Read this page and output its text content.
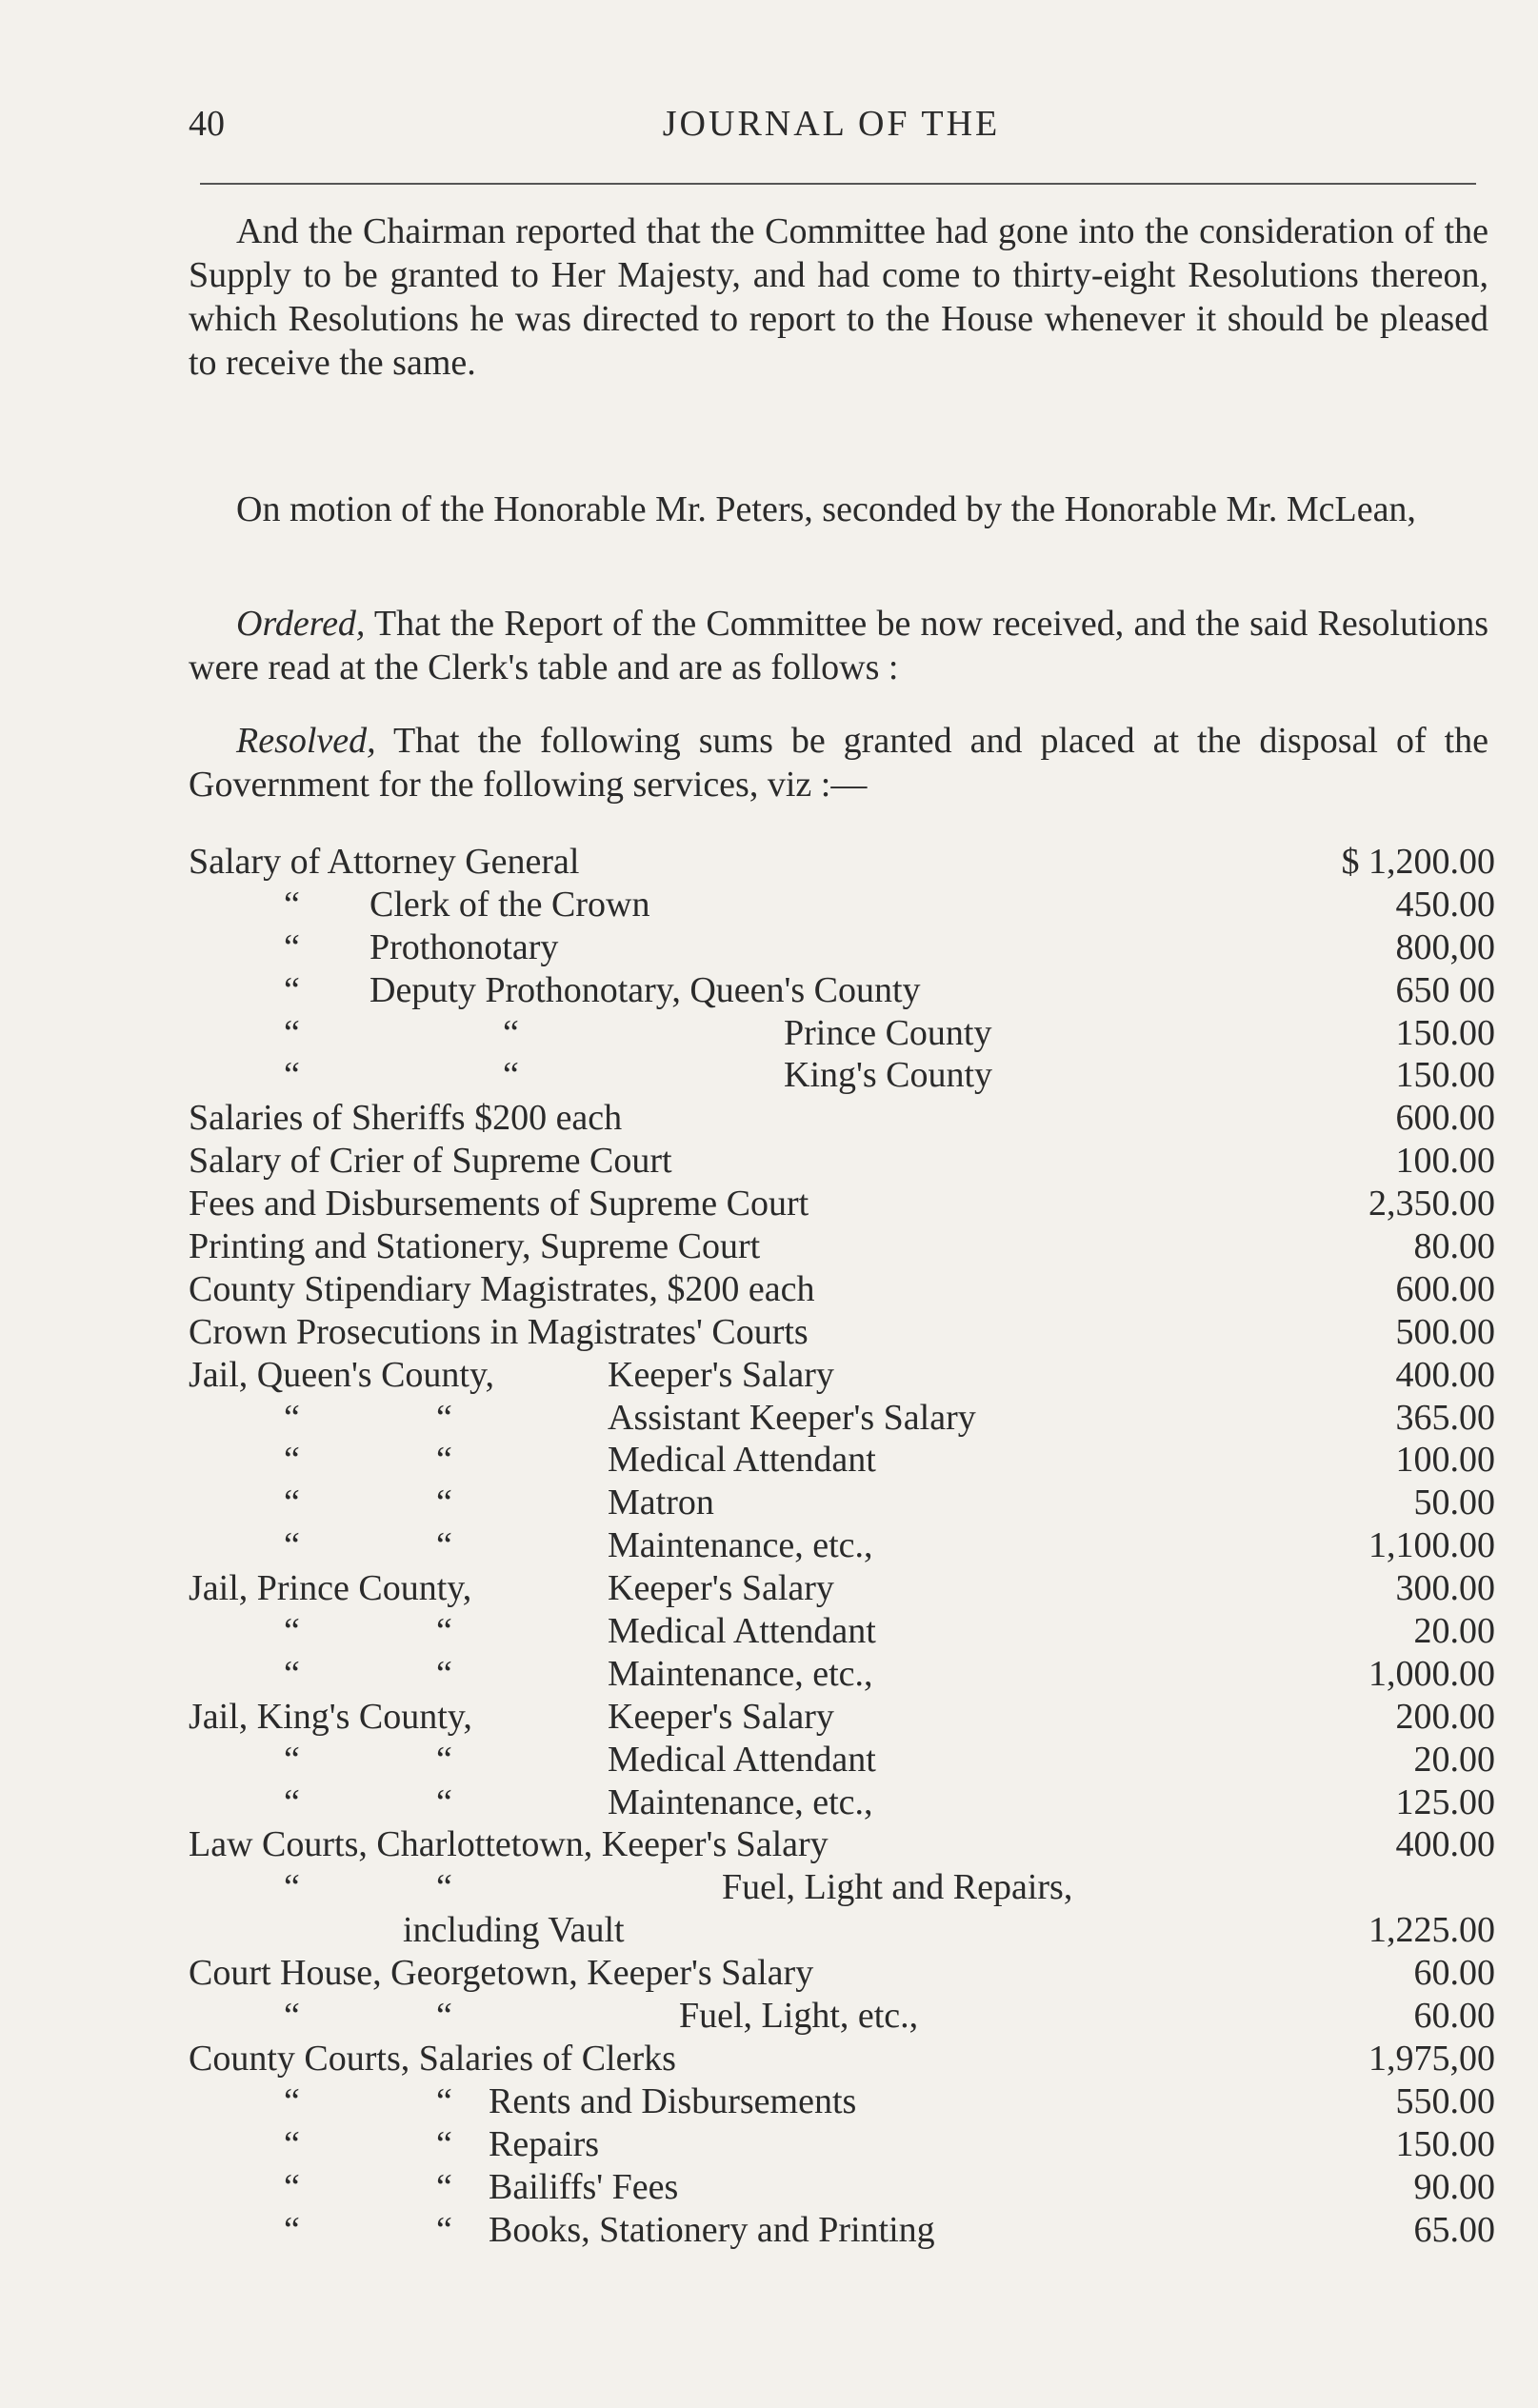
40	JOURNAL OF THE

And the Chairman reported that the Committee had gone into the consideration of the Supply to be granted to Her Majesty, and had come to thirty-eight Resolutions thereon, which Resolutions he was directed to report to the House whenever it should be pleased to receive the same.

On motion of the Honorable Mr. Peters, seconded by the Honorable Mr. McLean,

Ordered, That the Report of the Committee be now received, and the said Resolutions were read at the Clerk's table and are as follows :

Resolved, That the following sums be granted and placed at the disposal of the Government for the following services, viz :—

Salary of Attorney General	$ 1,200.00
“ Clerk of the Crown	450.00
“ Prothonotary	800,00
“ Deputy Prothonotary, Queen's County	650 00
“	“	Prince County	150.00
“	“	King's County	150.00
Salaries of Sheriffs $200 each	600.00
Salary of Crier of Supreme Court	100.00
Fees and Disbursements of Supreme Court	2,350.00
Printing and Stationery, Supreme Court	80.00
County Stipendiary Magistrates, $200 each	600.00
Crown Prosecutions in Magistrates' Courts	500.00
Jail, Queen's County,	Keeper's Salary	400.00
“	“	Assistant Keeper's Salary	365.00
“	“	Medical Attendant	100.00
“	“	Matron	50.00
“	“	Maintenance, etc.,	1,100.00
Jail, Prince County,	Keeper's Salary	300.00
“	“	Medical Attendant	20.00
“	“	Maintenance, etc.,	1,000.00
Jail, King's County,	Keeper's Salary	200.00
“	“	Medical Attendant	20.00
“	“	Maintenance, etc.,	125.00
Law Courts, Charlottetown, Keeper's Salary	400.00
“	“	Fuel, Light and Repairs,
including Vault	1,225.00
Court House, Georgetown, Keeper's Salary	60.00
“	“	Fuel, Light, etc.,	60.00
County Courts, Salaries of Clerks	1,975,00
“	“ Rents and Disbursements	550.00
“	“ Repairs	150.00
“	“ Bailiffs' Fees	90.00
“	“ Books, Stationery and Printing	65.00
